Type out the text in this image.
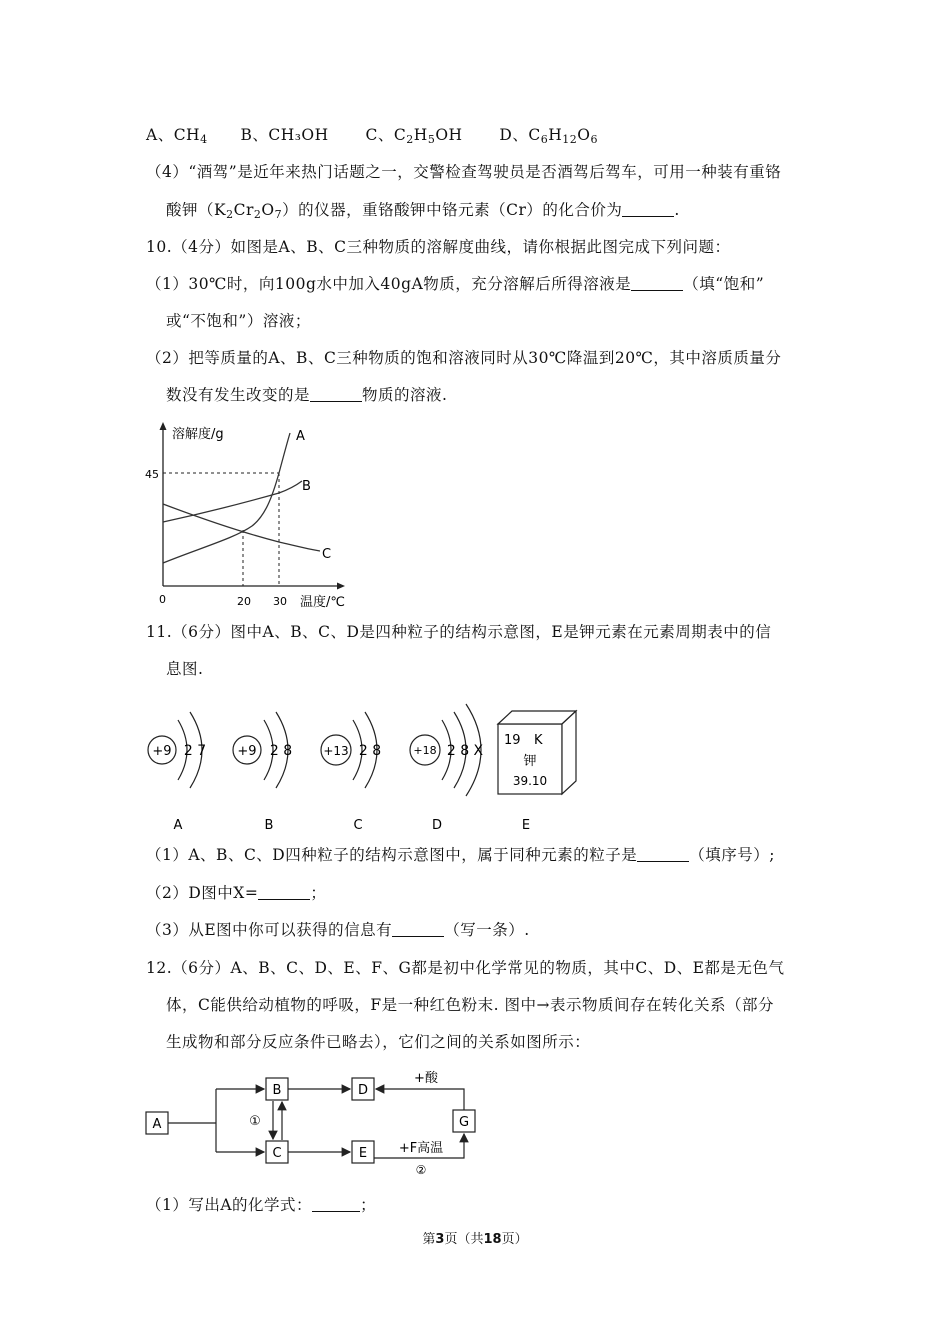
A、$CH_4$ B、CH₃OH C、$C_2H_5OH$ D、$C_6H_{12}O_6$
（4）“酒驾”是近年来热门话题之一，交警检查驾驶员是否酒驾后驾车，可用一种装有重铬
酸钾$(K_2Cr_2O_7)$的仪器，重铬酸钾中铬元素（Cr）的化合价为	.
10.（4分）如图是A、B、C三种物质的溶解度曲线，请你根据此图完成下列问题：
（1）30℃时，向100g水中加入40gA物质，充分溶解后所得溶液是	（填“饱和”
或“不饱和”）溶液；
（2）把等质量的A、B、C三种物质的饱和溶液同时从30℃降温到20℃，其中溶质质量分
数没有发生改变的是	物质的溶液.
溶解度/g
温度/℃
0	20 30
45
A
B
C
11.（6分）图中A、B、C、D是四种粒子的结构示意图，E是钾元素在元素周期表中的信
息图.
+9 2 7
A
+9 2 8
B
+13 2 8
C
+18 2 8 X
D
19 K
钾
39.10
E
（1）A、B、C、D四种粒子的结构示意图中，属于同种元素的粒子是	（填序号）;
（2）D图中X=	；
（3）从E图中你可以获得的信息有	（写一条）.
12.（6分）A、B、C、D、E、F、G都是初中化学常见的物质，其中C、D、E都是无色气
体，C能供给动植物的呼吸，F是一种红色粉末. 图中→表示物质间存在转化关系（部分
生成物和部分反应条件已略去），它们之间的关系如图所示：
A
B
C
D
E
G
①
+酸
+F高温
②
（1）写出A的化学式：	；
第3页（共18页）
